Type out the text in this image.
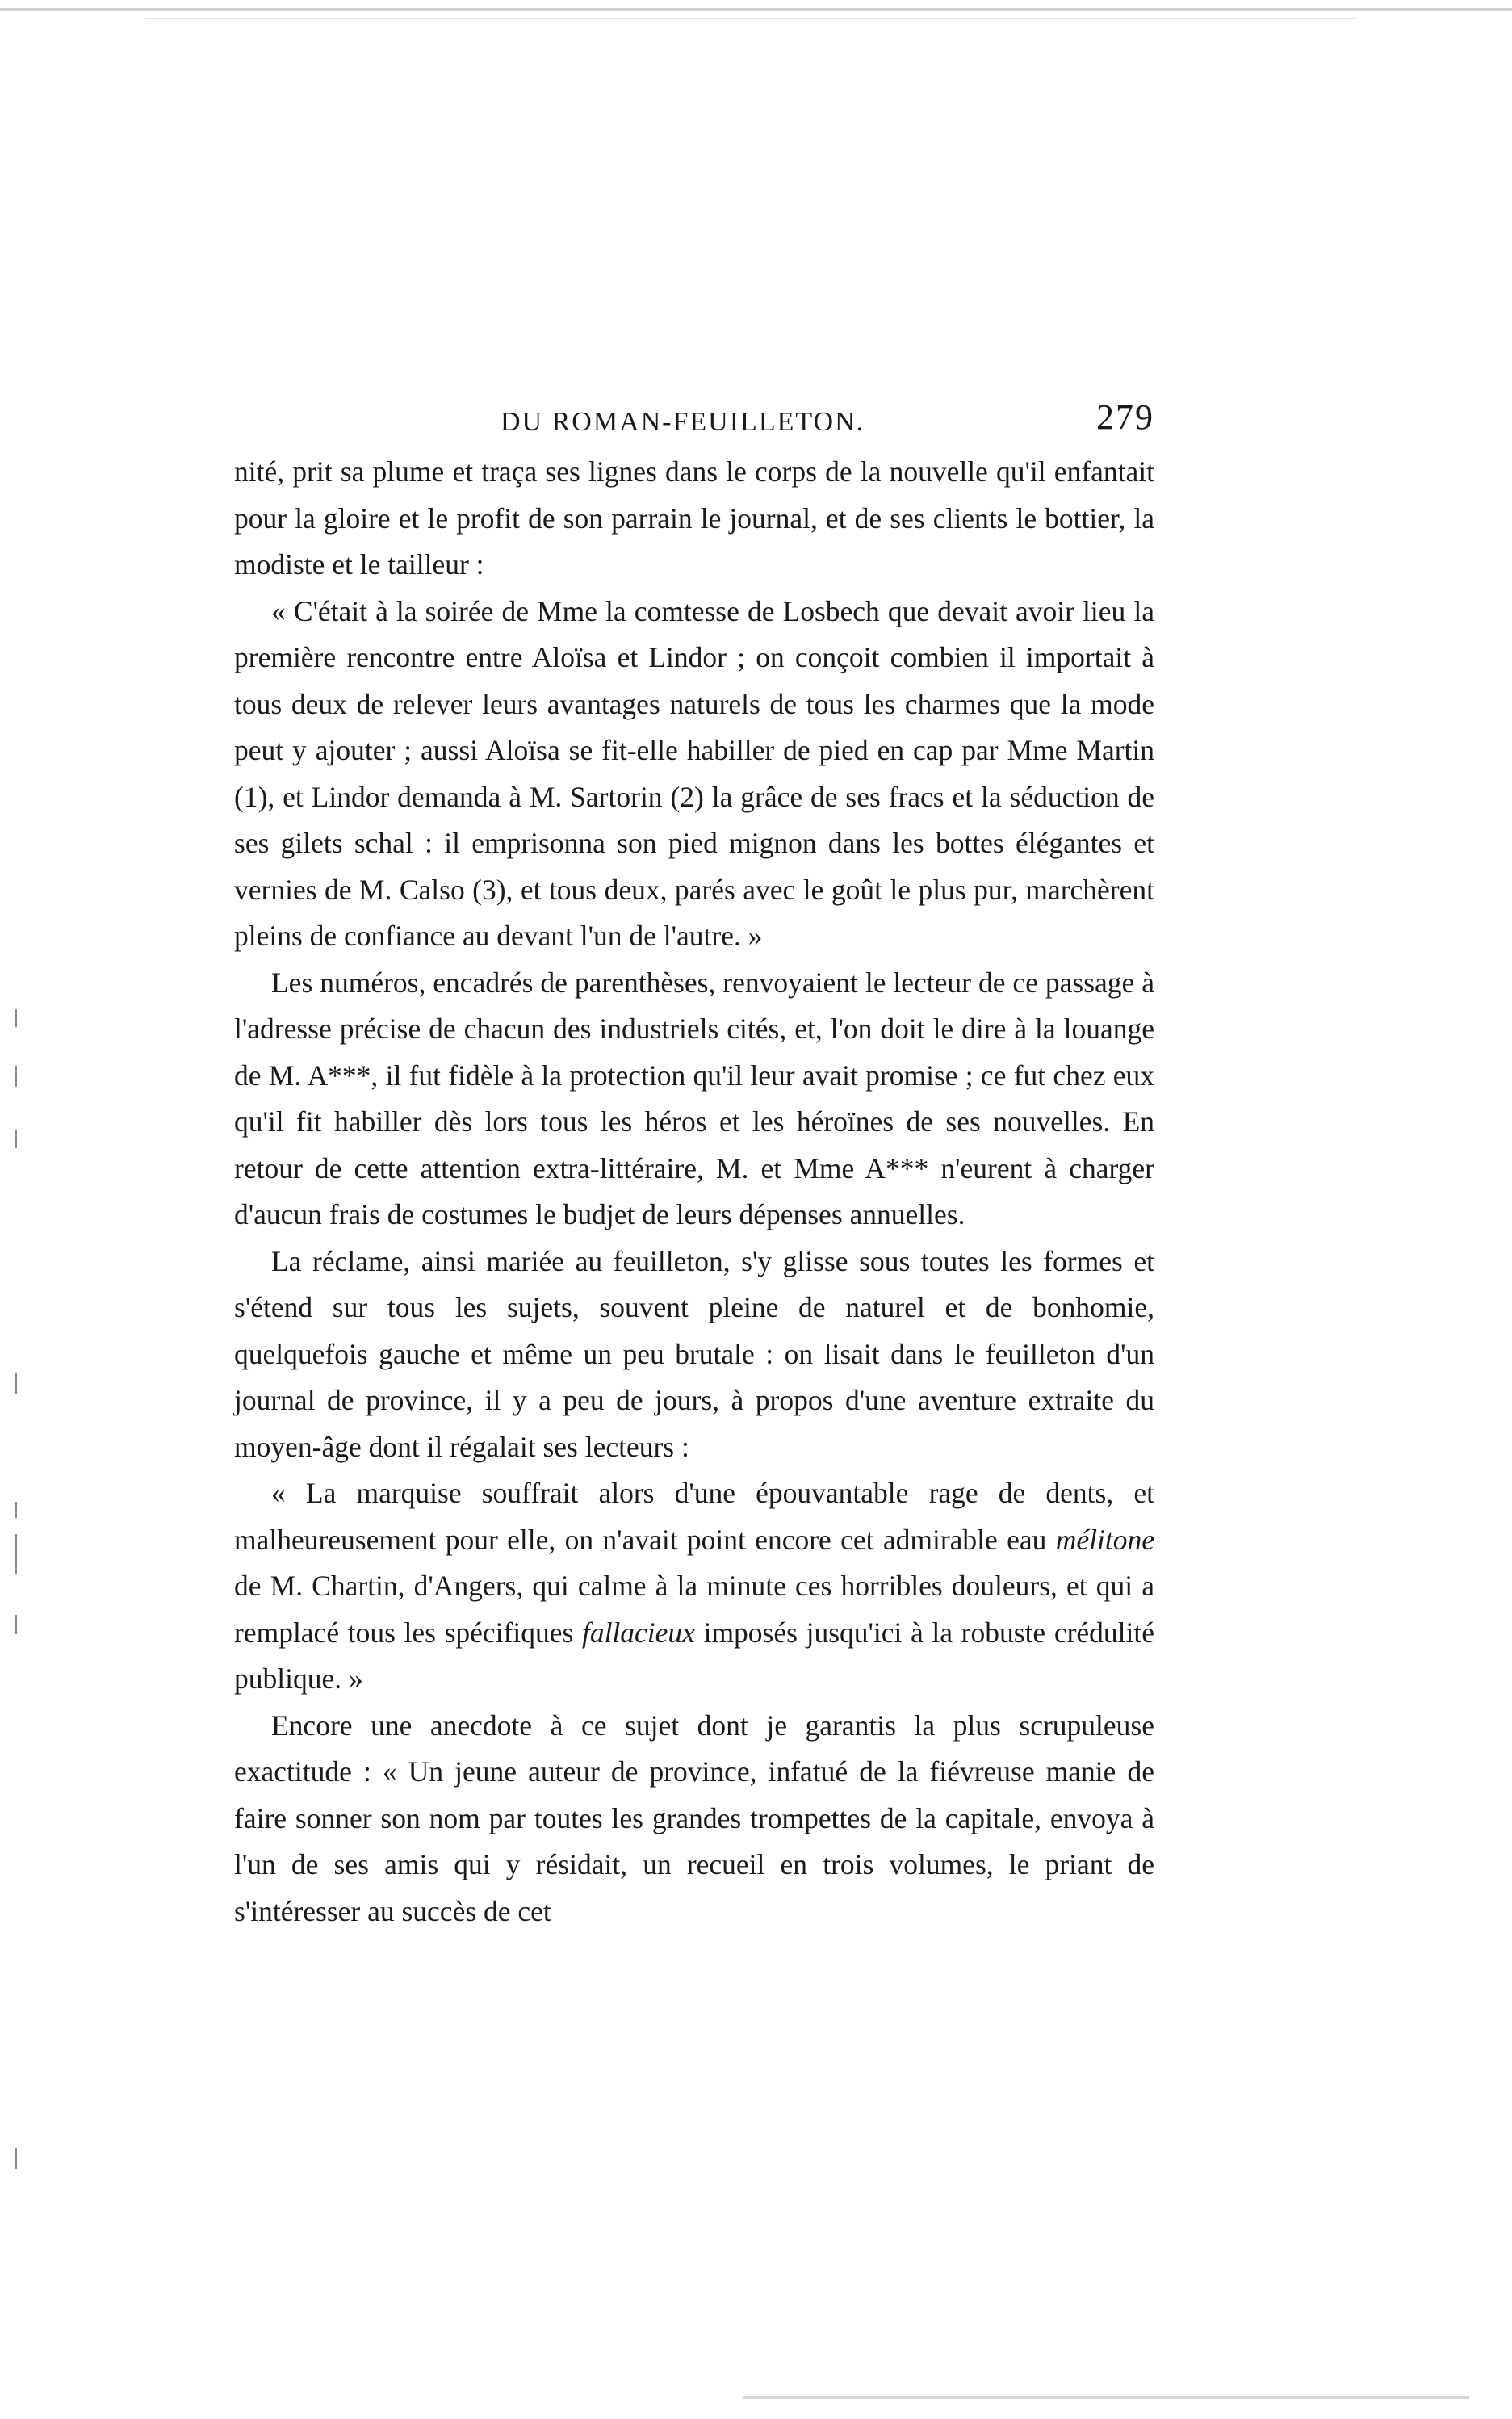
DU ROMAN-FEUILLETON.	279

nité, prit sa plume et traça ses lignes dans le corps de la nouvelle qu'il enfantait pour la gloire et le profit de son parrain le journal, et de ses clients le bottier, la modiste et le tailleur :

« C'était à la soirée de Mme la comtesse de Losbech que devait avoir lieu la première rencontre entre Aloïsa et Lindor ; on conçoit combien il importait à tous deux de relever leurs avantages naturels de tous les charmes que la mode peut y ajouter ; aussi Aloïsa se fit-elle habiller de pied en cap par Mme Martin (1), et Lindor demanda à M. Sartorin (2) la grâce de ses fracs et la séduction de ses gilets schal : il emprisonna son pied mignon dans les bottes élégantes et vernies de M. Calso (3), et tous deux, parés avec le goût le plus pur, marchèrent pleins de confiance au devant l'un de l'autre. »

Les numéros, encadrés de parenthèses, renvoyaient le lecteur de ce passage à l'adresse précise de chacun des industriels cités, et, l'on doit le dire à la louange de M. A***, il fut fidèle à la protection qu'il leur avait promise ; ce fut chez eux qu'il fit habiller dès lors tous les héros et les héroïnes de ses nouvelles. En retour de cette attention extra-littéraire, M. et Mme A*** n'eurent à charger d'aucun frais de costumes le budjet de leurs dépenses annuelles.

La réclame, ainsi mariée au feuilleton, s'y glisse sous toutes les formes et s'étend sur tous les sujets, souvent pleine de naturel et de bonhomie, quelquefois gauche et même un peu brutale : on lisait dans le feuilleton d'un journal de province, il y a peu de jours, à propos d'une aventure extraite du moyen-âge dont il régalait ses lecteurs :

« La marquise souffrait alors d'une épouvantable rage de dents, et malheureusement pour elle, on n'avait point encore cet admirable eau mélitone de M. Chartin, d'Angers, qui calme à la minute ces horribles douleurs, et qui a remplacé tous les spécifiques fallacieux imposés jusqu'ici à la robuste crédulité publique. »

Encore une anecdote à ce sujet dont je garantis la plus scrupuleuse exactitude : « Un jeune auteur de province, infatué de la fiévreuse manie de faire sonner son nom par toutes les grandes trompettes de la capitale, envoya à l'un de ses amis qui y résidait, un recueil en trois volumes, le priant de s'intéresser au succès de cet
